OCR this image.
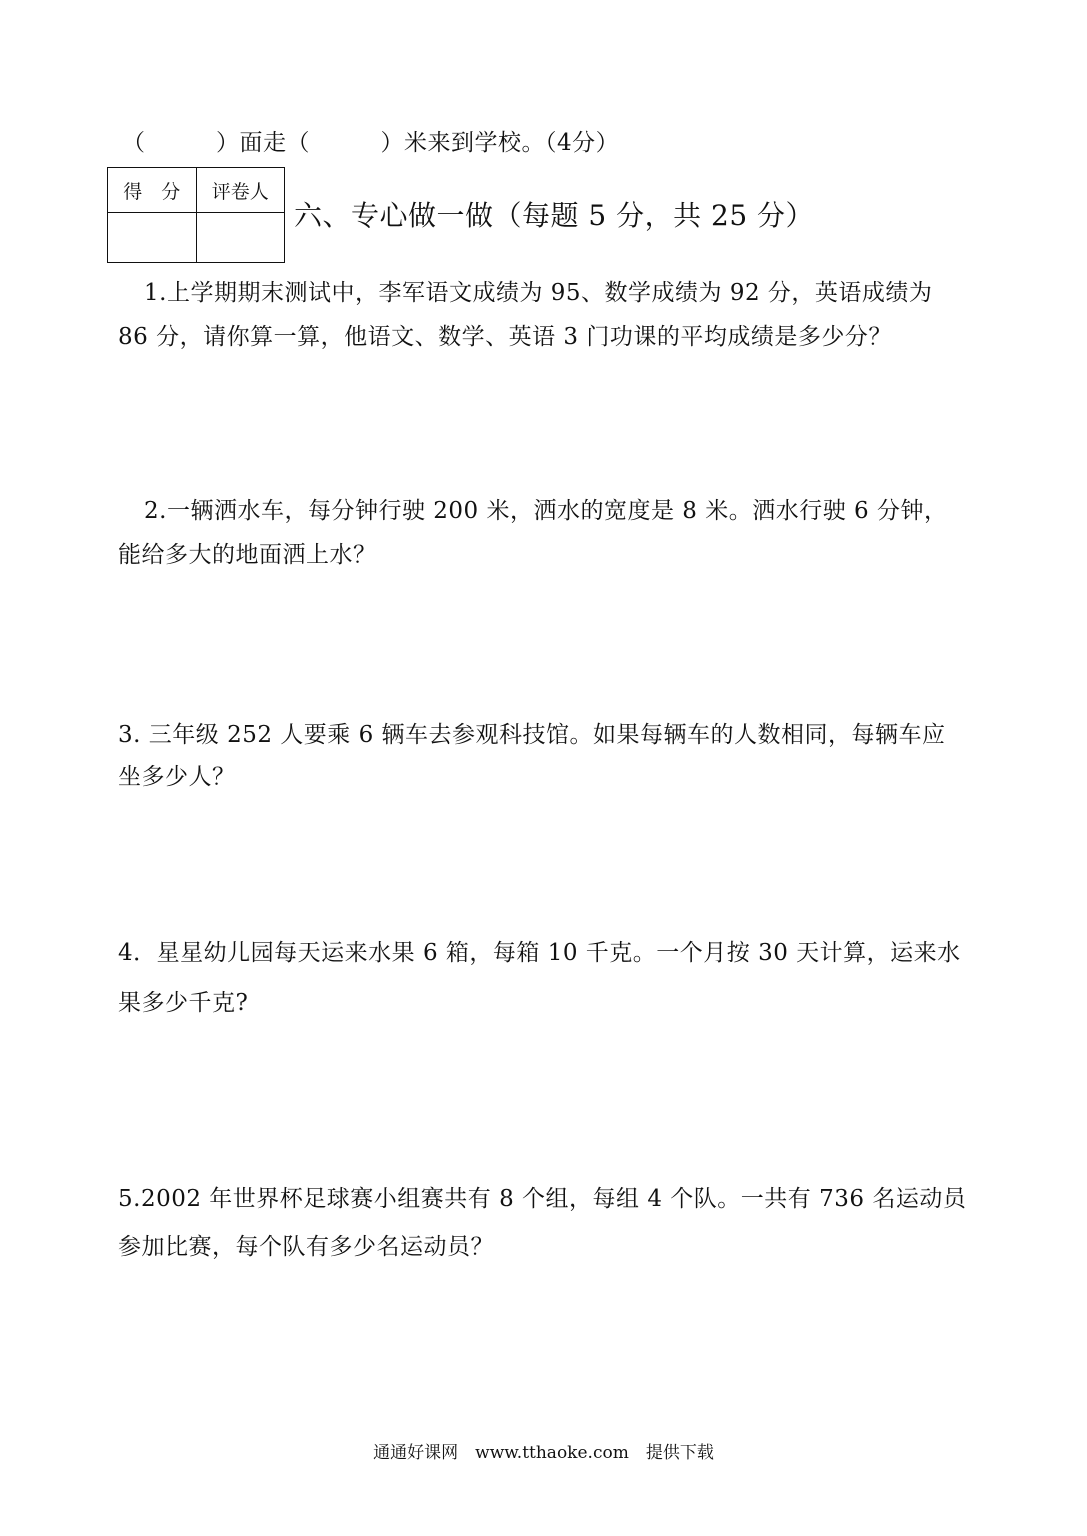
（　　　）面走（　　　）米来到学校。（4分）
得　分	评卷人

六、专心做一做（每题 5 分，共 25 分）
1.上学期期末测试中，李军语文成绩为 95、数学成绩为 92 分，英语成绩为
86 分，请你算一算，他语文、数学、英语 3 门功课的平均成绩是多少分？
2.一辆洒水车，每分钟行驶 200 米，洒水的宽度是 8 米。洒水行驶 6 分钟，
能给多大的地面洒上水？
3. 三年级 252 人要乘 6 辆车去参观科技馆。如果每辆车的人数相同，每辆车应
坐多少人？
4．星星幼儿园每天运来水果 6 箱，每箱 10 千克。一个月按 30 天计算，运来水
果多少千克?
5.2002 年世界杯足球赛小组赛共有 8 个组，每组 4 个队。一共有 736 名运动员
参加比赛，每个队有多少名运动员？
通通好课网　www.tthaoke.com　提供下载
